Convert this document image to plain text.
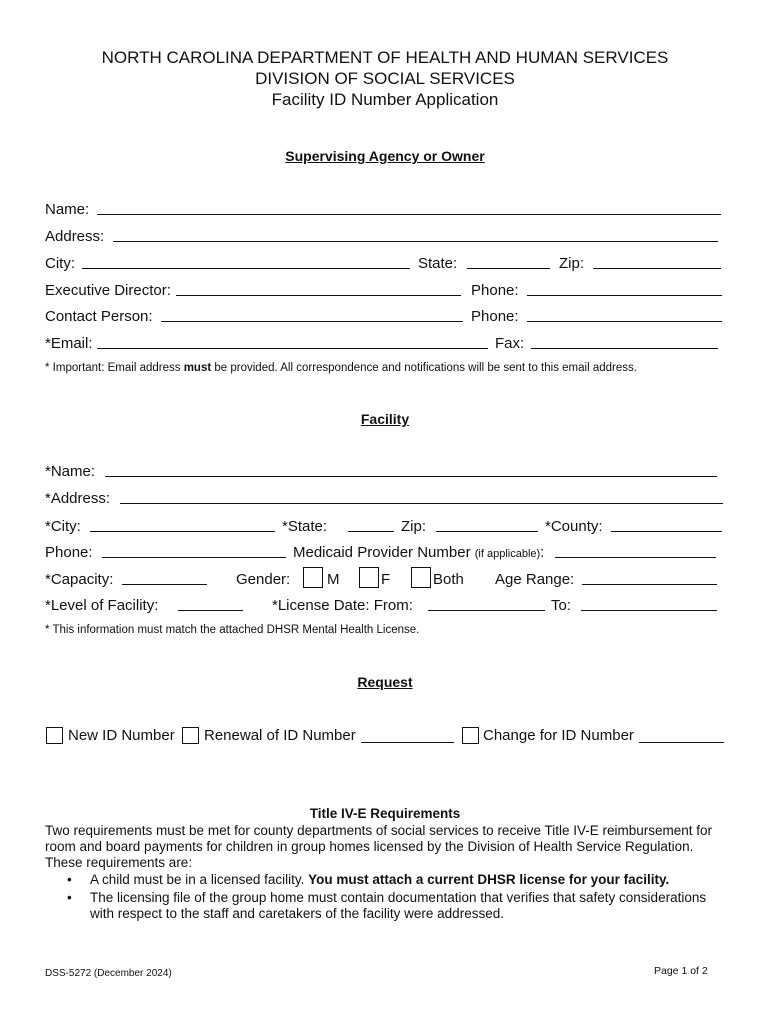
NORTH CAROLINA DEPARTMENT OF HEALTH AND HUMAN SERVICES
DIVISION OF SOCIAL SERVICES
Facility ID Number Application
Supervising Agency or Owner
Name:
Address:
City:	State:	Zip:
Executive Director:	Phone:
Contact Person:	Phone:
*Email:	Fax:
* Important: Email address must be provided. All correspondence and notifications will be sent to this email address.
Facility
*Name:
*Address:
*City:	*State:	Zip:	*County:
Phone:	Medicaid Provider Number (if applicable):
*Capacity:	Gender: M	F	Both Age Range:
*Level of Facility:	*License Date: From:	To:
* This information must match the attached DHSR Mental Health License.
Request
New ID Number Renewal of ID Number	Change for ID Number
Title IV-E Requirements
Two requirements must be met for county departments of social services to receive Title IV-E reimbursement for
room and board payments for children in group homes licensed by the Division of Health Service Regulation.
These requirements are:
• A child must be in a licensed facility. You must attach a current DHSR license for your facility.
• The licensing file of the group home must contain documentation that verifies that safety considerations
with respect to the staff and caretakers of the facility were addressed.
DSS-5272 (December 2024)	Page 1 of 2
